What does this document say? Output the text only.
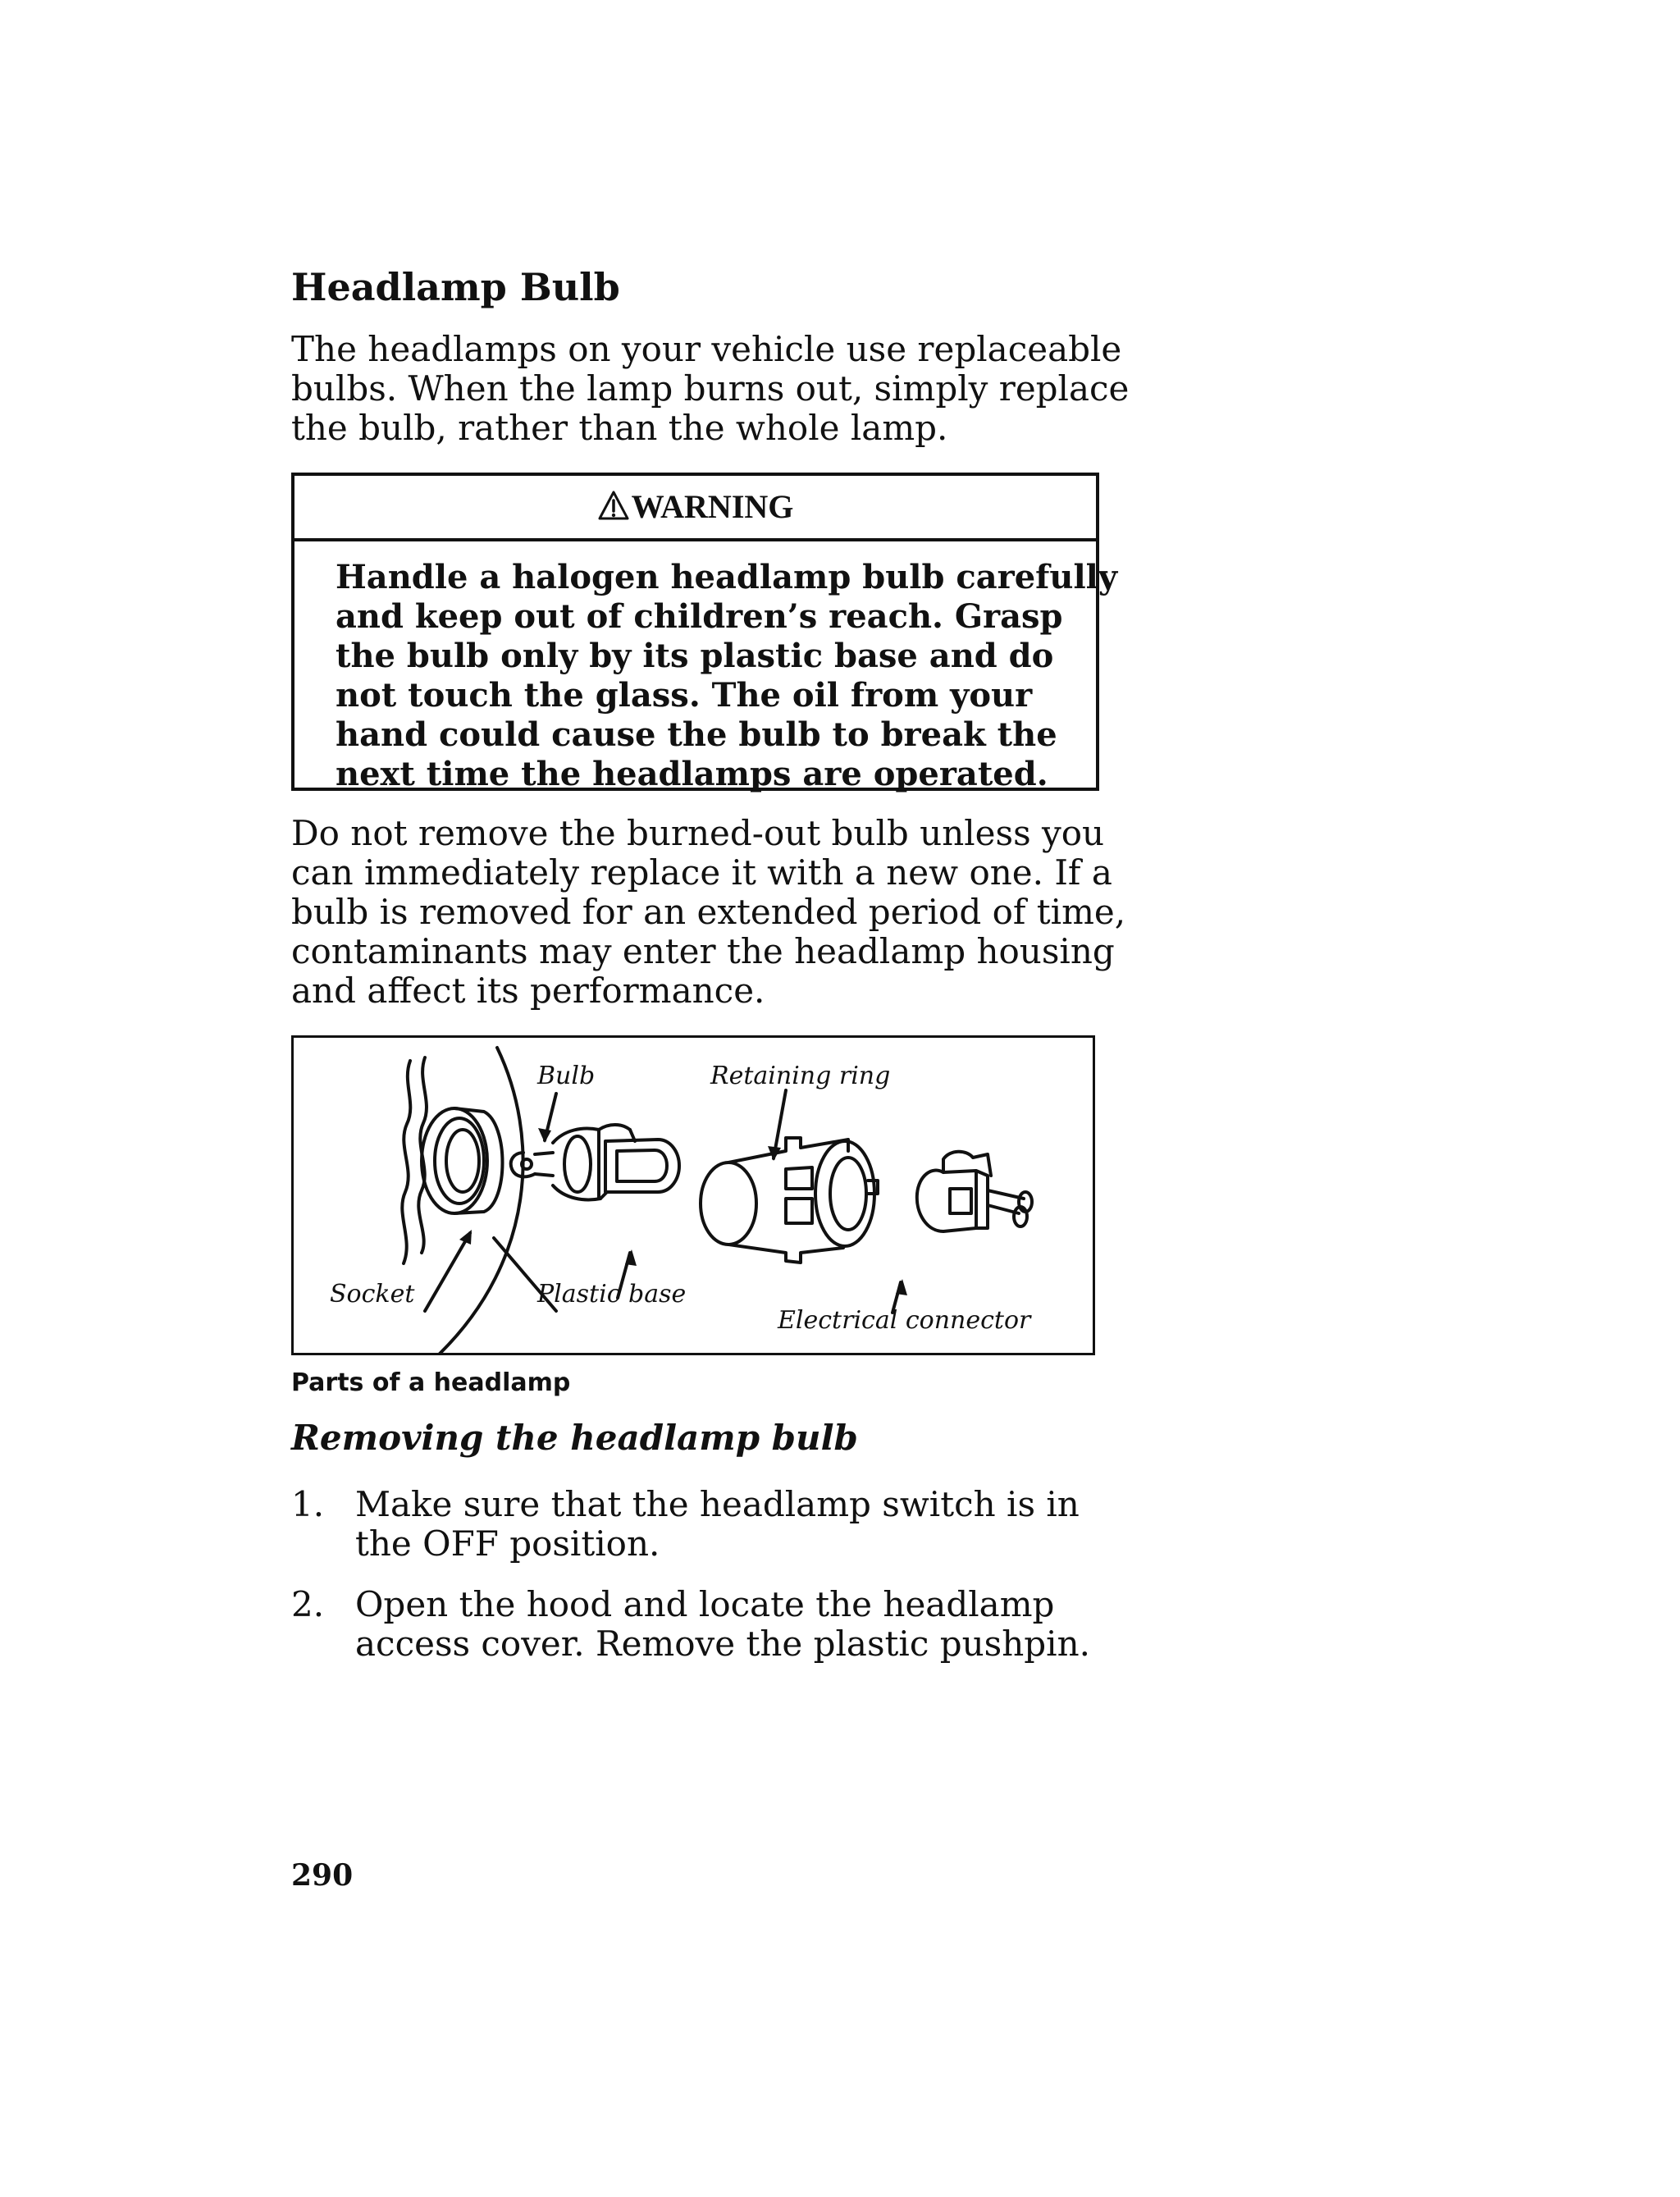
Headlamp Bulb

The headlamps on your vehicle use replaceable
bulbs. When the lamp burns out, simply replace
the bulb, rather than the whole lamp.

WARNING

Handle a halogen headlamp bulb carefully
and keep out of children’s reach. Grasp
the bulb only by its plastic base and do
not touch the glass. The oil from your
hand could cause the bulb to break the
next time the headlamps are operated.

Do not remove the burned-out bulb unless you
can immediately replace it with a new one. If a
bulb is removed for an extended period of time,
contaminants may enter the headlamp housing
and affect its performance.

Bulb	Retaining ring
Socket	Plastic base
Electrical connector

Parts of a headlamp

Removing the headlamp bulb
1. Make sure that the headlamp switch is in
the OFF position.
2. Open the hood and locate the headlamp
access cover. Remove the plastic pushpin.

290
